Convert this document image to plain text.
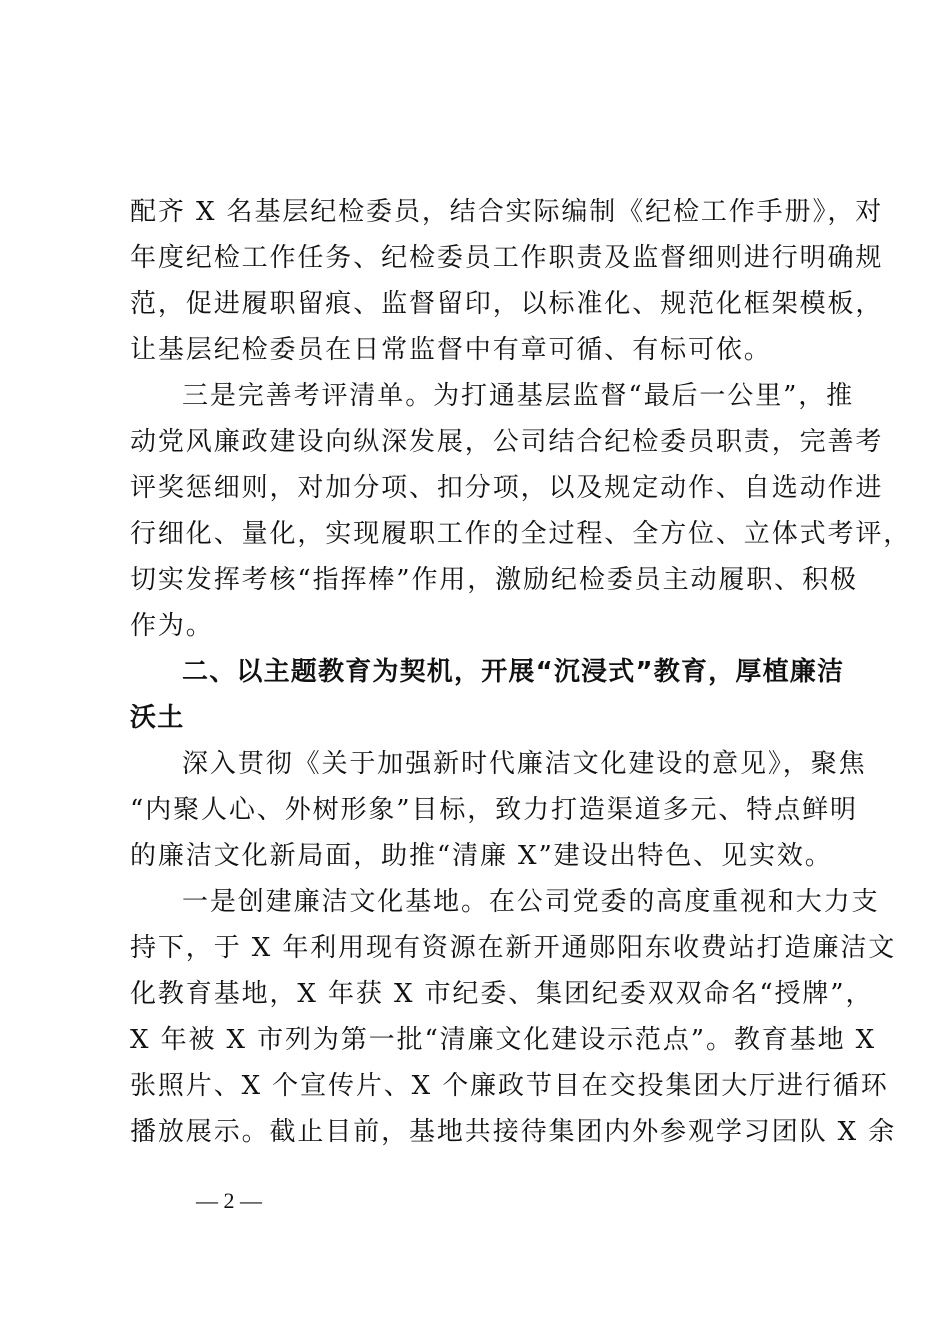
配齐 X 名基层纪检委员，结合实际编制《纪检工作手册》，对
年度纪检工作任务、纪检委员工作职责及监督细则进行明确规
范，促进履职留痕、监督留印，以标准化、规范化框架模板，
让基层纪检委员在日常监督中有章可循、有标可依。
三是完善考评清单。为打通基层监督“最后一公里”，推
动党风廉政建设向纵深发展，公司结合纪检委员职责，完善考
评奖惩细则，对加分项、扣分项，以及规定动作、自选动作进
行细化、量化，实现履职工作的全过程、全方位、立体式考评，
切实发挥考核“指挥棒”作用，激励纪检委员主动履职、积极
作为。
二、以主题教育为契机，开展“沉浸式”教育，厚植廉洁
沃土
深入贯彻《关于加强新时代廉洁文化建设的意见》，聚焦
“内聚人心、外树形象”目标，致力打造渠道多元、特点鲜明
的廉洁文化新局面，助推“清廉 X”建设出特色、见实效。
一是创建廉洁文化基地。在公司党委的高度重视和大力支
持下，于 X 年利用现有资源在新开通郧阳东收费站打造廉洁文
化教育基地，X 年获 X 市纪委、集团纪委双双命名“授牌”，
X 年被 X 市列为第一批“清廉文化建设示范点”。教育基地 X
张照片、X 个宣传片、X 个廉政节目在交投集团大厅进行循环
播放展示。截止目前，基地共接待集团内外参观学习团队 X 余
— 2 —
